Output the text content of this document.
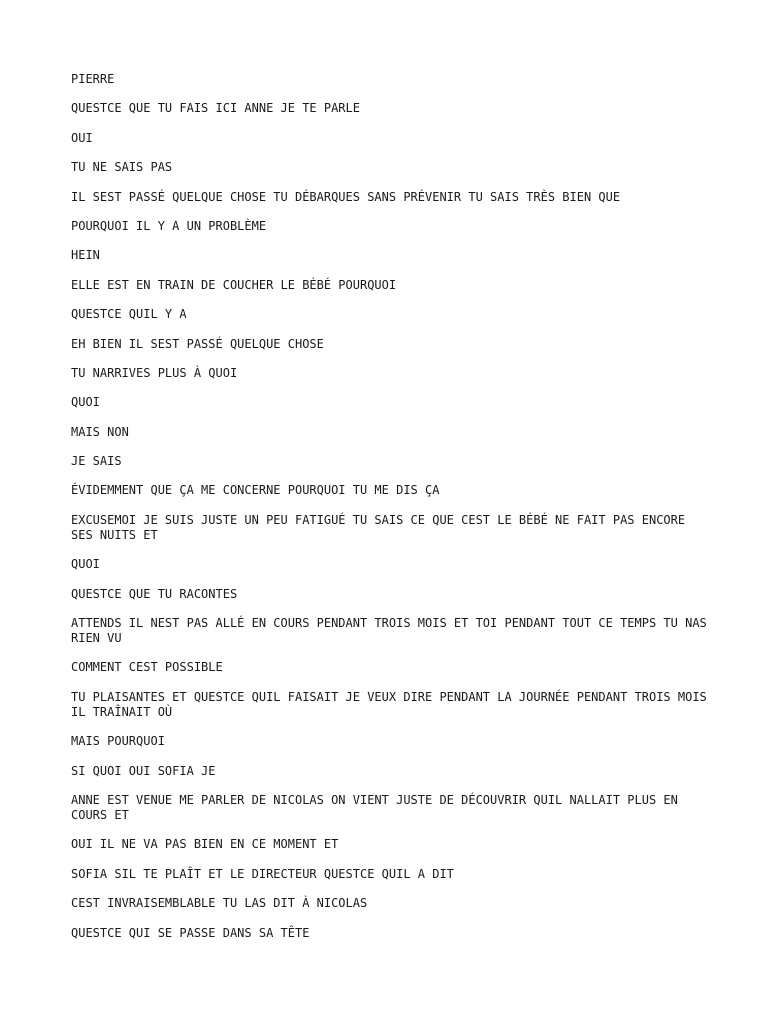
PIERRE
QUESTCE QUE TU FAIS ICI ANNE JE TE PARLE
OUI
TU NE SAIS PAS
IL SEST PASSÉ QUELQUE CHOSE TU DÉBARQUES SANS PRÉVENIR TU SAIS TRÈS BIEN QUE
POURQUOI IL Y A UN PROBLÈME
HEIN
ELLE EST EN TRAIN DE COUCHER LE BÉBÉ POURQUOI
QUESTCE QUIL Y A
EH BIEN IL SEST PASSÉ QUELQUE CHOSE
TU NARRIVES PLUS À QUOI
QUOI
MAIS NON
JE SAIS
ÉVIDEMMENT QUE ÇA ME CONCERNE POURQUOI TU ME DIS ÇA
EXCUSEMOI JE SUIS JUSTE UN PEU FATIGUÉ TU SAIS CE QUE CEST LE BÉBÉ NE FAIT PAS ENCORE SES NUITS ET
QUOI
QUESTCE QUE TU RACONTES
ATTENDS IL NEST PAS ALLÉ EN COURS PENDANT TROIS MOIS ET TOI PENDANT TOUT CE TEMPS TU NAS RIEN VU
COMMENT CEST POSSIBLE
TU PLAISANTES ET QUESTCE QUIL FAISAIT JE VEUX DIRE PENDANT LA JOURNÉE PENDANT TROIS MOIS IL TRAÎNAIT OÙ
MAIS POURQUOI
SI QUOI OUI SOFIA JE
ANNE EST VENUE ME PARLER DE NICOLAS ON VIENT JUSTE DE DÉCOUVRIR QUIL NALLAIT PLUS EN COURS ET
OUI IL NE VA PAS BIEN EN CE MOMENT ET
SOFIA SIL TE PLAÎT ET LE DIRECTEUR QUESTCE QUIL A DIT
CEST INVRAISEMBLABLE TU LAS DIT À NICOLAS
QUESTCE QUI SE PASSE DANS SA TÊTE
